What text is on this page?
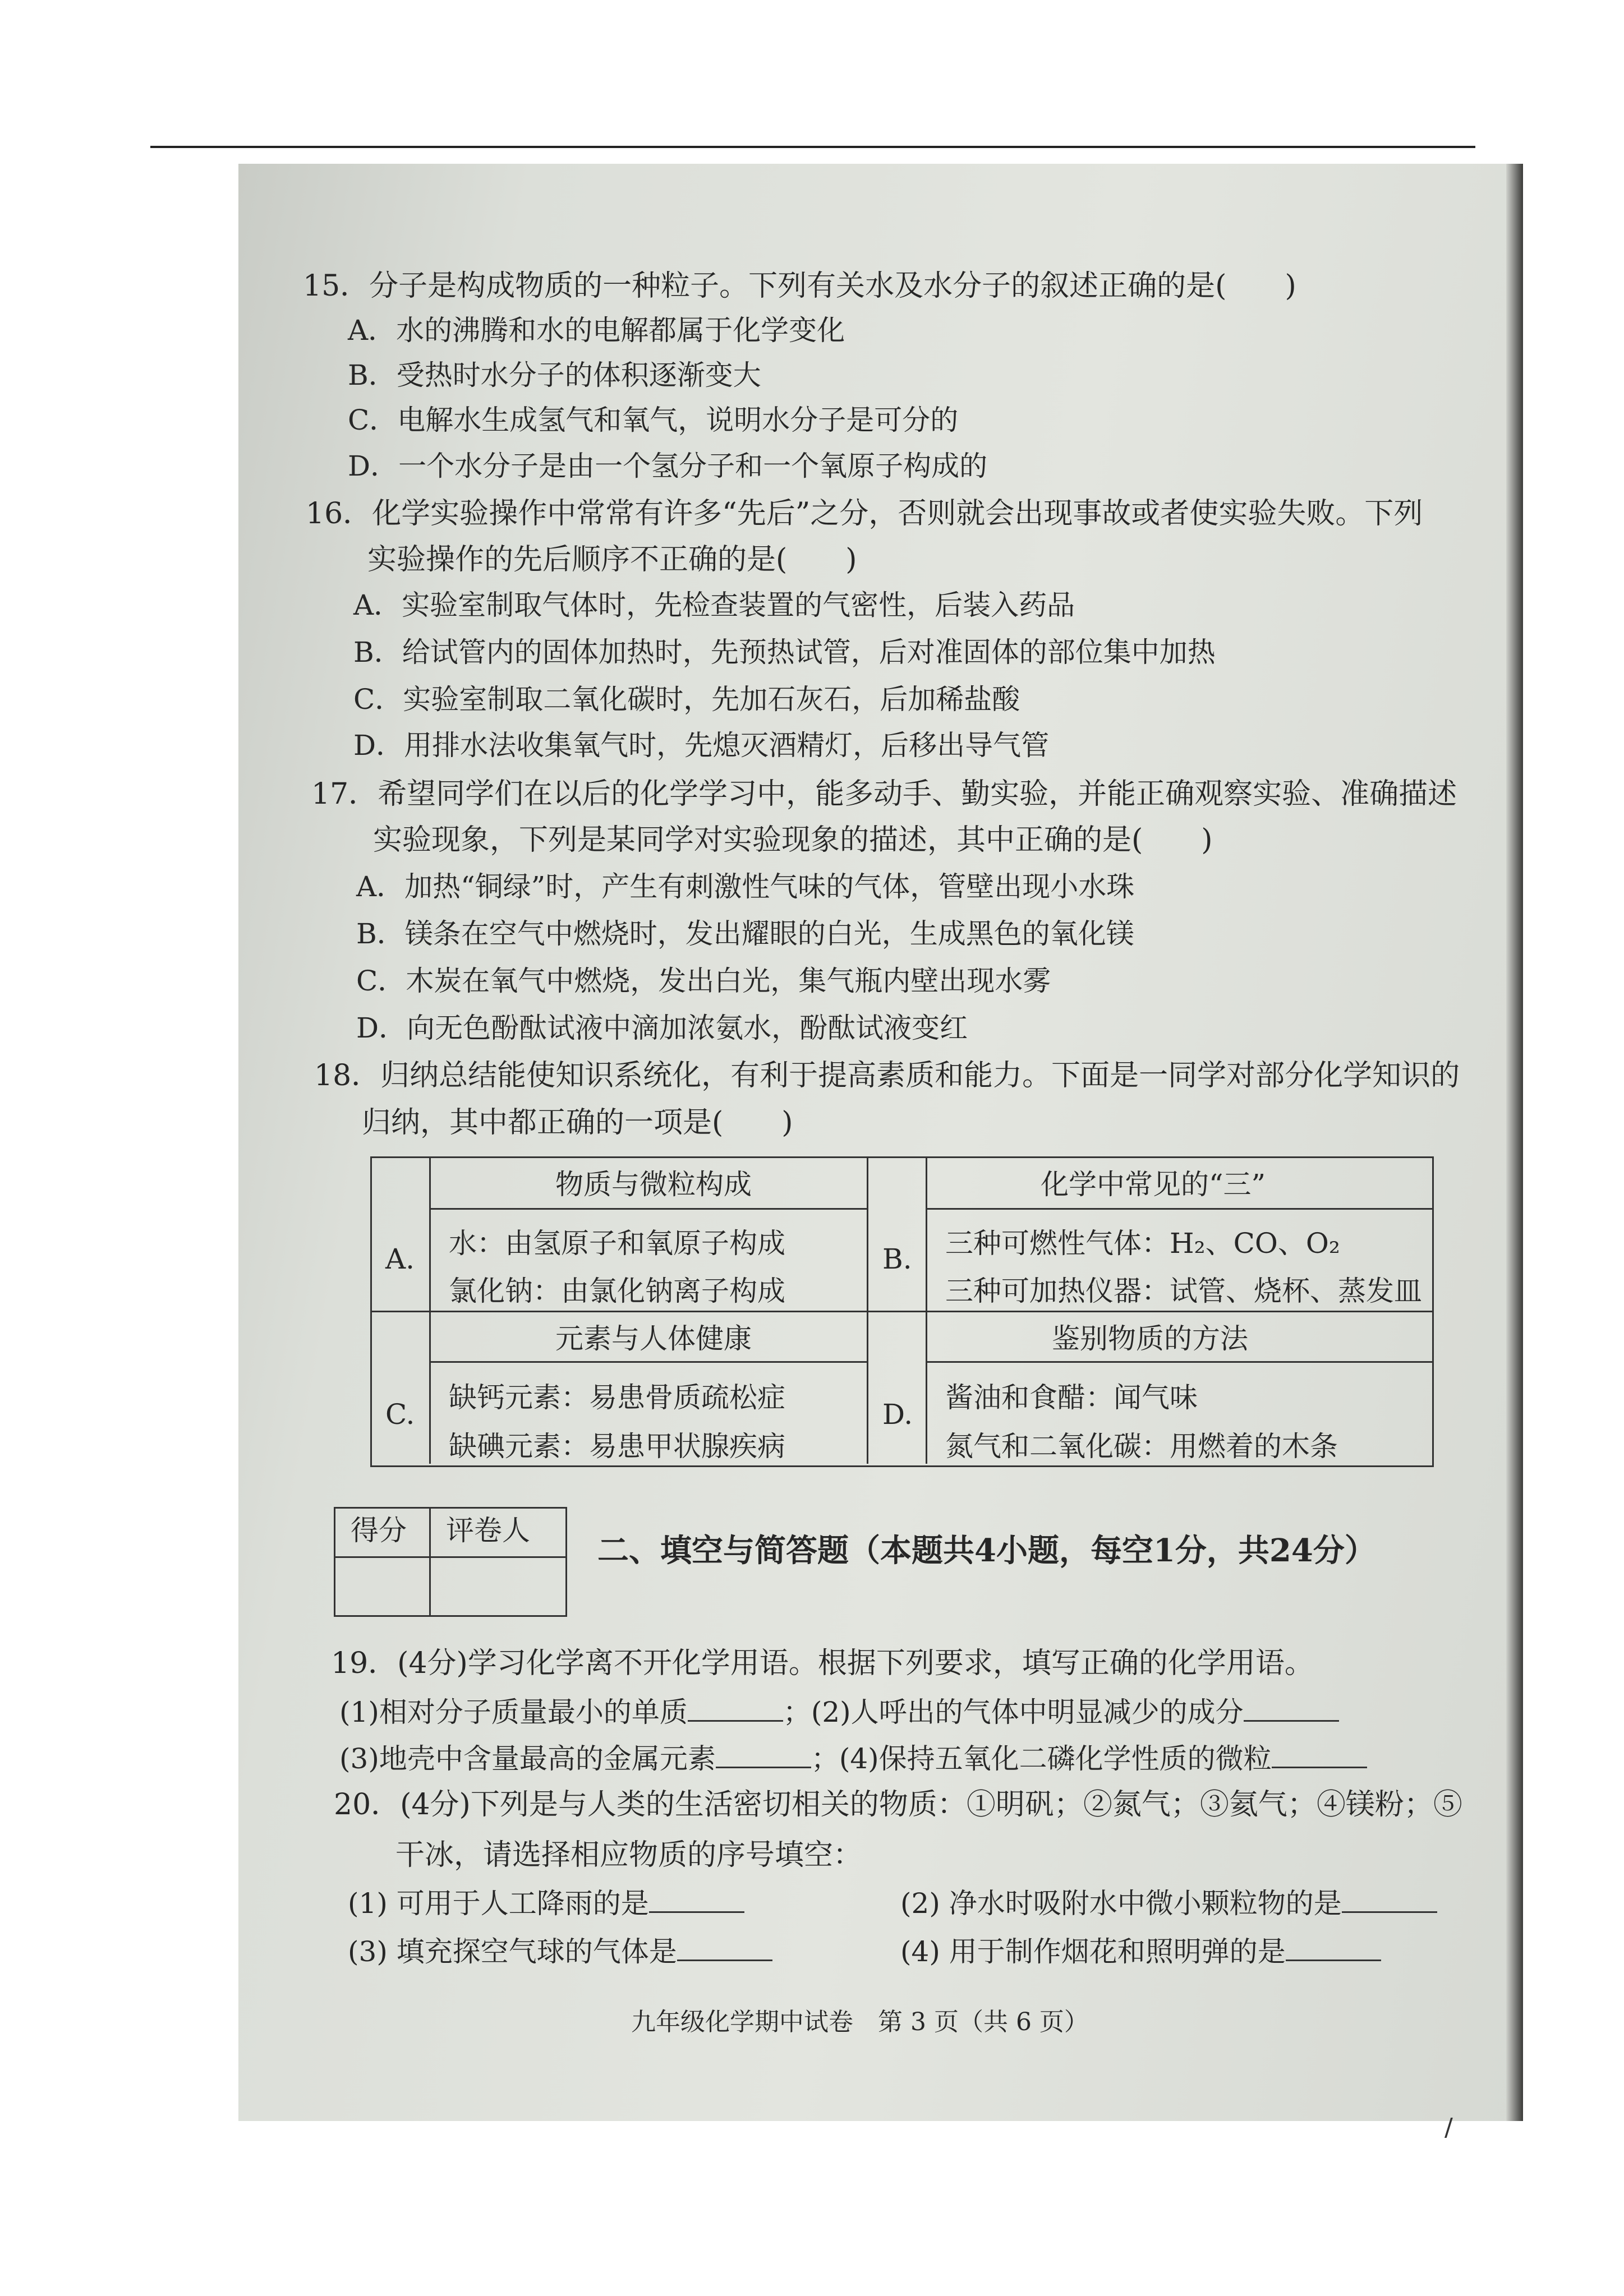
15．分子是构成物质的一种粒子。下列有关水及水分子的叙述正确的是(　　)
A．水的沸腾和水的电解都属于化学变化
B．受热时水分子的体积逐渐变大
C．电解水生成氢气和氧气，说明水分子是可分的
D．一个水分子是由一个氢分子和一个氧原子构成的
16．化学实验操作中常常有许多“先后”之分，否则就会出现事故或者使实验失败。下列
实验操作的先后顺序不正确的是(　　)
A．实验室制取气体时，先检查装置的气密性，后装入药品
B．给试管内的固体加热时，先预热试管，后对准固体的部位集中加热
C．实验室制取二氧化碳时，先加石灰石，后加稀盐酸
D．用排水法收集氧气时，先熄灭酒精灯，后移出导气管
17．希望同学们在以后的化学学习中，能多动手、勤实验，并能正确观察实验、准确描述
实验现象，下列是某同学对实验现象的描述，其中正确的是(　　)
A．加热“铜绿”时，产生有刺激性气味的气体，管壁出现小水珠
B．镁条在空气中燃烧时，发出耀眼的白光，生成黑色的氧化镁
C．木炭在氧气中燃烧，发出白光，集气瓶内壁出现水雾
D．向无色酚酞试液中滴加浓氨水，酚酞试液变红
18．归纳总结能使知识系统化，有利于提高素质和能力。下面是一同学对部分化学知识的
归纳，其中都正确的一项是(　　)
A.
物质与微粒构成
水：由氢原子和氧原子构成
氯化钠：由氯化钠离子构成
B.
化学中常见的“三”
三种可燃性气体：H₂、CO、O₂
三种可加热仪器：试管、烧杯、蒸发皿
C.
元素与人体健康
缺钙元素：易患骨质疏松症
缺碘元素：易患甲状腺疾病
D.
鉴别物质的方法
酱油和食醋：闻气味
氮气和二氧化碳：用燃着的木条
得分 评卷人
二、填空与简答题（本题共4小题，每空1分，共24分）
19．(4分)学习化学离不开化学用语。根据下列要求，填写正确的化学用语。
(1)相对分子质量最小的单质	；(2)人呼出的气体中明显减少的成分
(3)地壳中含量最高的金属元素	；(4)保持五氧化二磷化学性质的微粒
20．(4分)下列是与人类的生活密切相关的物质：①明矾；②氮气；③氦气；④镁粉；⑤
干冰，请选择相应物质的序号填空：
(1) 可用于人工降雨的是	(2) 净水时吸附水中微小颗粒物的是
(3) 填充探空气球的气体是	(4) 用于制作烟花和照明弹的是
九年级化学期中试卷　第 3 页（共 6 页）
/
